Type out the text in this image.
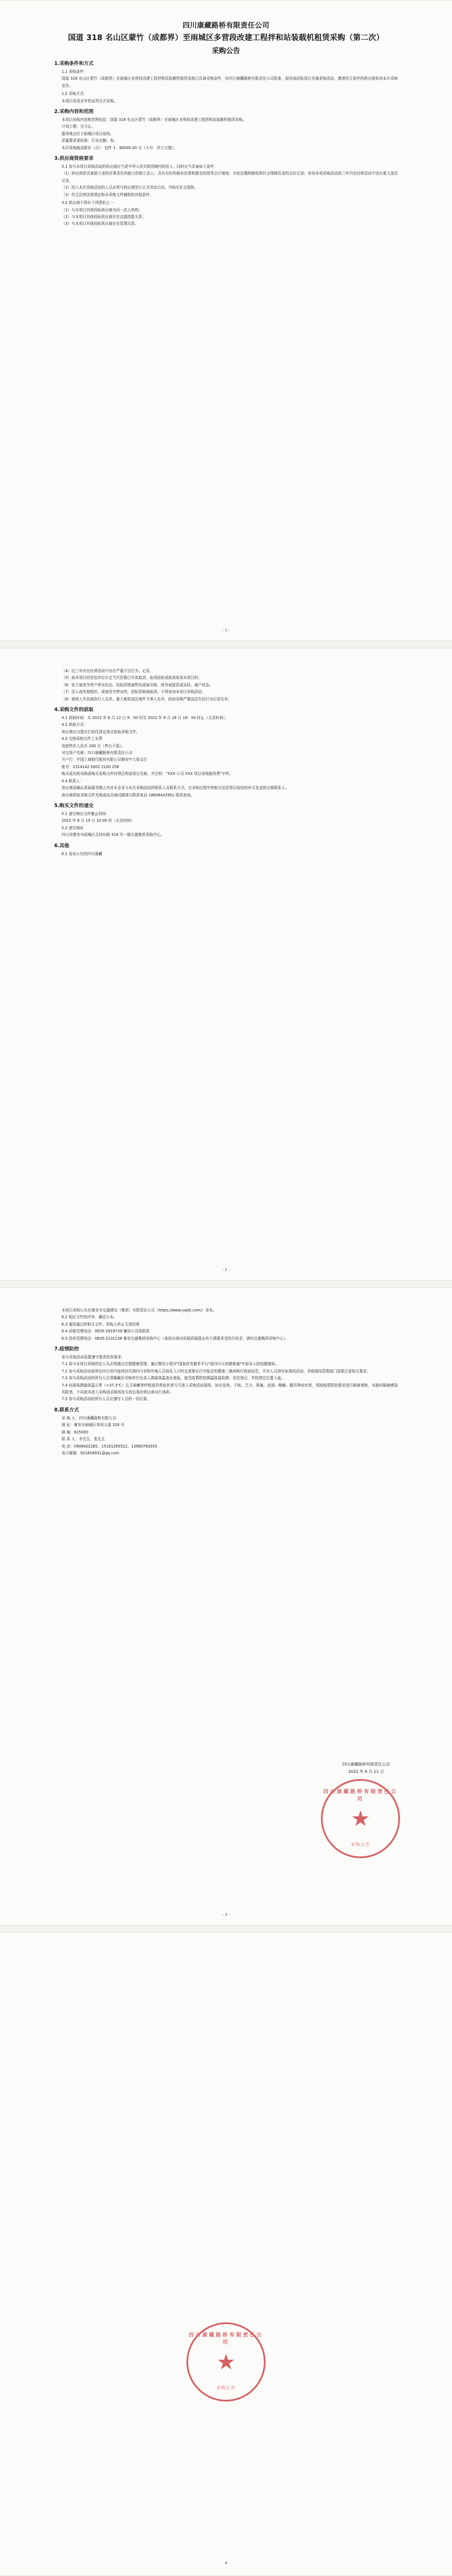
四川康藏路桥有限责任公司
国道 318 名山区蒙竹（成都界）至雨城区多营段改建工程拌和站装载机租赁采购（第二次）
采购公告
1.采购条件和方式

1.1 采购条件：

国道 318 名山区蒙竹（成都界）至雨城区多营段改建工程拌和站装载机租赁采购已具备采购条件，经四川康藏路桥有限责任公司批准，现对该招标项目实施采购活动，邀请符合条件的供应商参加本次采购竞争。

1.2 采购方式：

本项目采用竞争性谈判方式采购。

2.采购内容和范围

本项目采购内容和范围包括：国道 318 名山区蒙竹（成都界）至雨城区多营段改建工程拌和站装载机租赁采购。

计划工期：至今止。

服务地点位于雨城区项目现场。

质量要求或标准：行业定额；参。

本次采购最高限价（元）：包件 1：90000.00 元（大写：玖万元整）。

3.供应商资格要求

3.1 参与本项目采购活动的供应商应当是中华人民共和国境内的法人、同时应当具备如下条件：

（1）供应商是具备独立承担民事责任的能力的独立法人；具有良好的商业信誉和健全的财务会计制度；有依法缴纳税收和社会保障资金的良好记录；参加本项采购活动前三年内在经营活动中没有重大违法记录。

（2）投入本次采购活动的人员必须与供应商签订正式劳动合同，并购买社会保险。

（3）符合法律法规规定和本采购文件载明的其他条件。

3.2 供应商不得有下列情形之一：

（1）与本项目其他投标供应商为同一法人机构；

（2）与本项目其他投标供应商存在直接控股关系；

（3）与本项目其他投标供应商存在管理关系。

- 1 -

（4）近三年内在经营活动中存在严重不良行为、记录。

（5）被本项目的发包单位认定当次资格已有效取消、取消投标或取消参加本项目的；

（6）处于被责令停产停业状态、投标资格被暂扣或被吊销、财务被接管或冻结、破产状态。

（7）法人或其他组织、或被责令停业的，投标资格被取消，不得参加本项目采购活动；

（8）被纳入失信被执行人名单、重大税收违法案件当事人名单、政府采购严重违法失信行为记录名单；

4.采购文件的获取

4.1 获取时间：从 2022 年 8 月 12 日 9：00 时至 2022 年 8 月 18 日 16：00 时止（北京时间）。

4.2 获取方式：

供应商应自愿自行前往指定地点获取采购文件。

4.3 交纳采购文件工本费

每套售价人民币 200 元（售后不退）。

对交易户名称：四川康藏路桥有限责任公司

开户行：中国工商银行股份有限公司雅安中大街支行

账号：2314142 0002 2100 258

购买成功的采购需购买采购文件时须注明该项目名称，并注明："XXX 公司 XXX 项目采购服务费"字样。

4.4 联系人：

供应商需确认获取服务期之内对本企业与本次采购活动的联系人及联系方式，在采购过程中的相关信息将以短信的形式发送供应商联系人。

供应商获取采购文件及购成该具地问题请与联系电话 18608432901 联系查询。

5.购买文件的递交

5.1 递交响应文件截止时间：

2022 年 8 月 19 日 10:00 时（北京时间）

5.2 递交地址

四川省雅安市雨城区北纬东路 318 号一楼交通集团采购中心。

6.其他

6.1 发布公告的四川康藏

- 2 -

本项目采购公告在雅安市交通建设（集团）有限责任公司（https://www.yajtjt.com/）发布。

6.2 相应文件的评审、确定公布。

6.3 通用通过的相关文件、采购人终止无效结果

6.4 质疑受理电话：0835-2618739 廉洁公司或联系

6.5 投诉受理电话：0835-2231136 雅安交通集团采购中心（查供应商对质疑质疑提出其不满要求受的行政求，请向交通集团采购中心）。

7.疫情防控

参与采购活动需要遵守要求的各要求：

7.1 参与本项目采购的法人及必须通过注册健康管理，通过微信小程序"国家政务服务平台"或四川天府健康通"中报本人防疫健康码。

7.2 参与采购活动前须在四川省内连续居住满四川省和外地人员前往入川时定需要自行申报定的健康二维码和行程码信息，并对人员持有如果的活动、采购现场管理部门需要注意相关要求。

7.3 参与采购活动的所有人员须佩戴好采购单位负责人测量体温查证查验，接受疫情防控测温体温检测、信息登记，并按规定位置入座。

7.4 经现场测量体温正常（<37.3℃）且无咳嗽等呼吸道异常症状者方可进入采购活动现场。如有发热、干咳、乏力、鼻塞、流涕、咽痛、腹泻等症状者，须按疫情防控要求进行隔离观察，本路的隔离感染风险者，不同意其进入采购活动现场发生的后果由供应商自行承担。

7.5 参与采购活动的所有人员应遵守人员的一切后果。

8.联系方式

采 购 人：四川康藏路桥有限公司

地 址：雅安市雨城区草坝大道 326 号

邮 编：625000

联 系 人：李先生、张先生

电 话：0908402265、15181265522、13980783555

电子邮箱：921658931@qq.com

四川康藏路桥有限责任公司
2022 年 8 月 11 日
四川康藏路桥有限责任公司
★
采购公告
- 3 -
四川康藏路桥有限责任公司
★
采购公告
4
